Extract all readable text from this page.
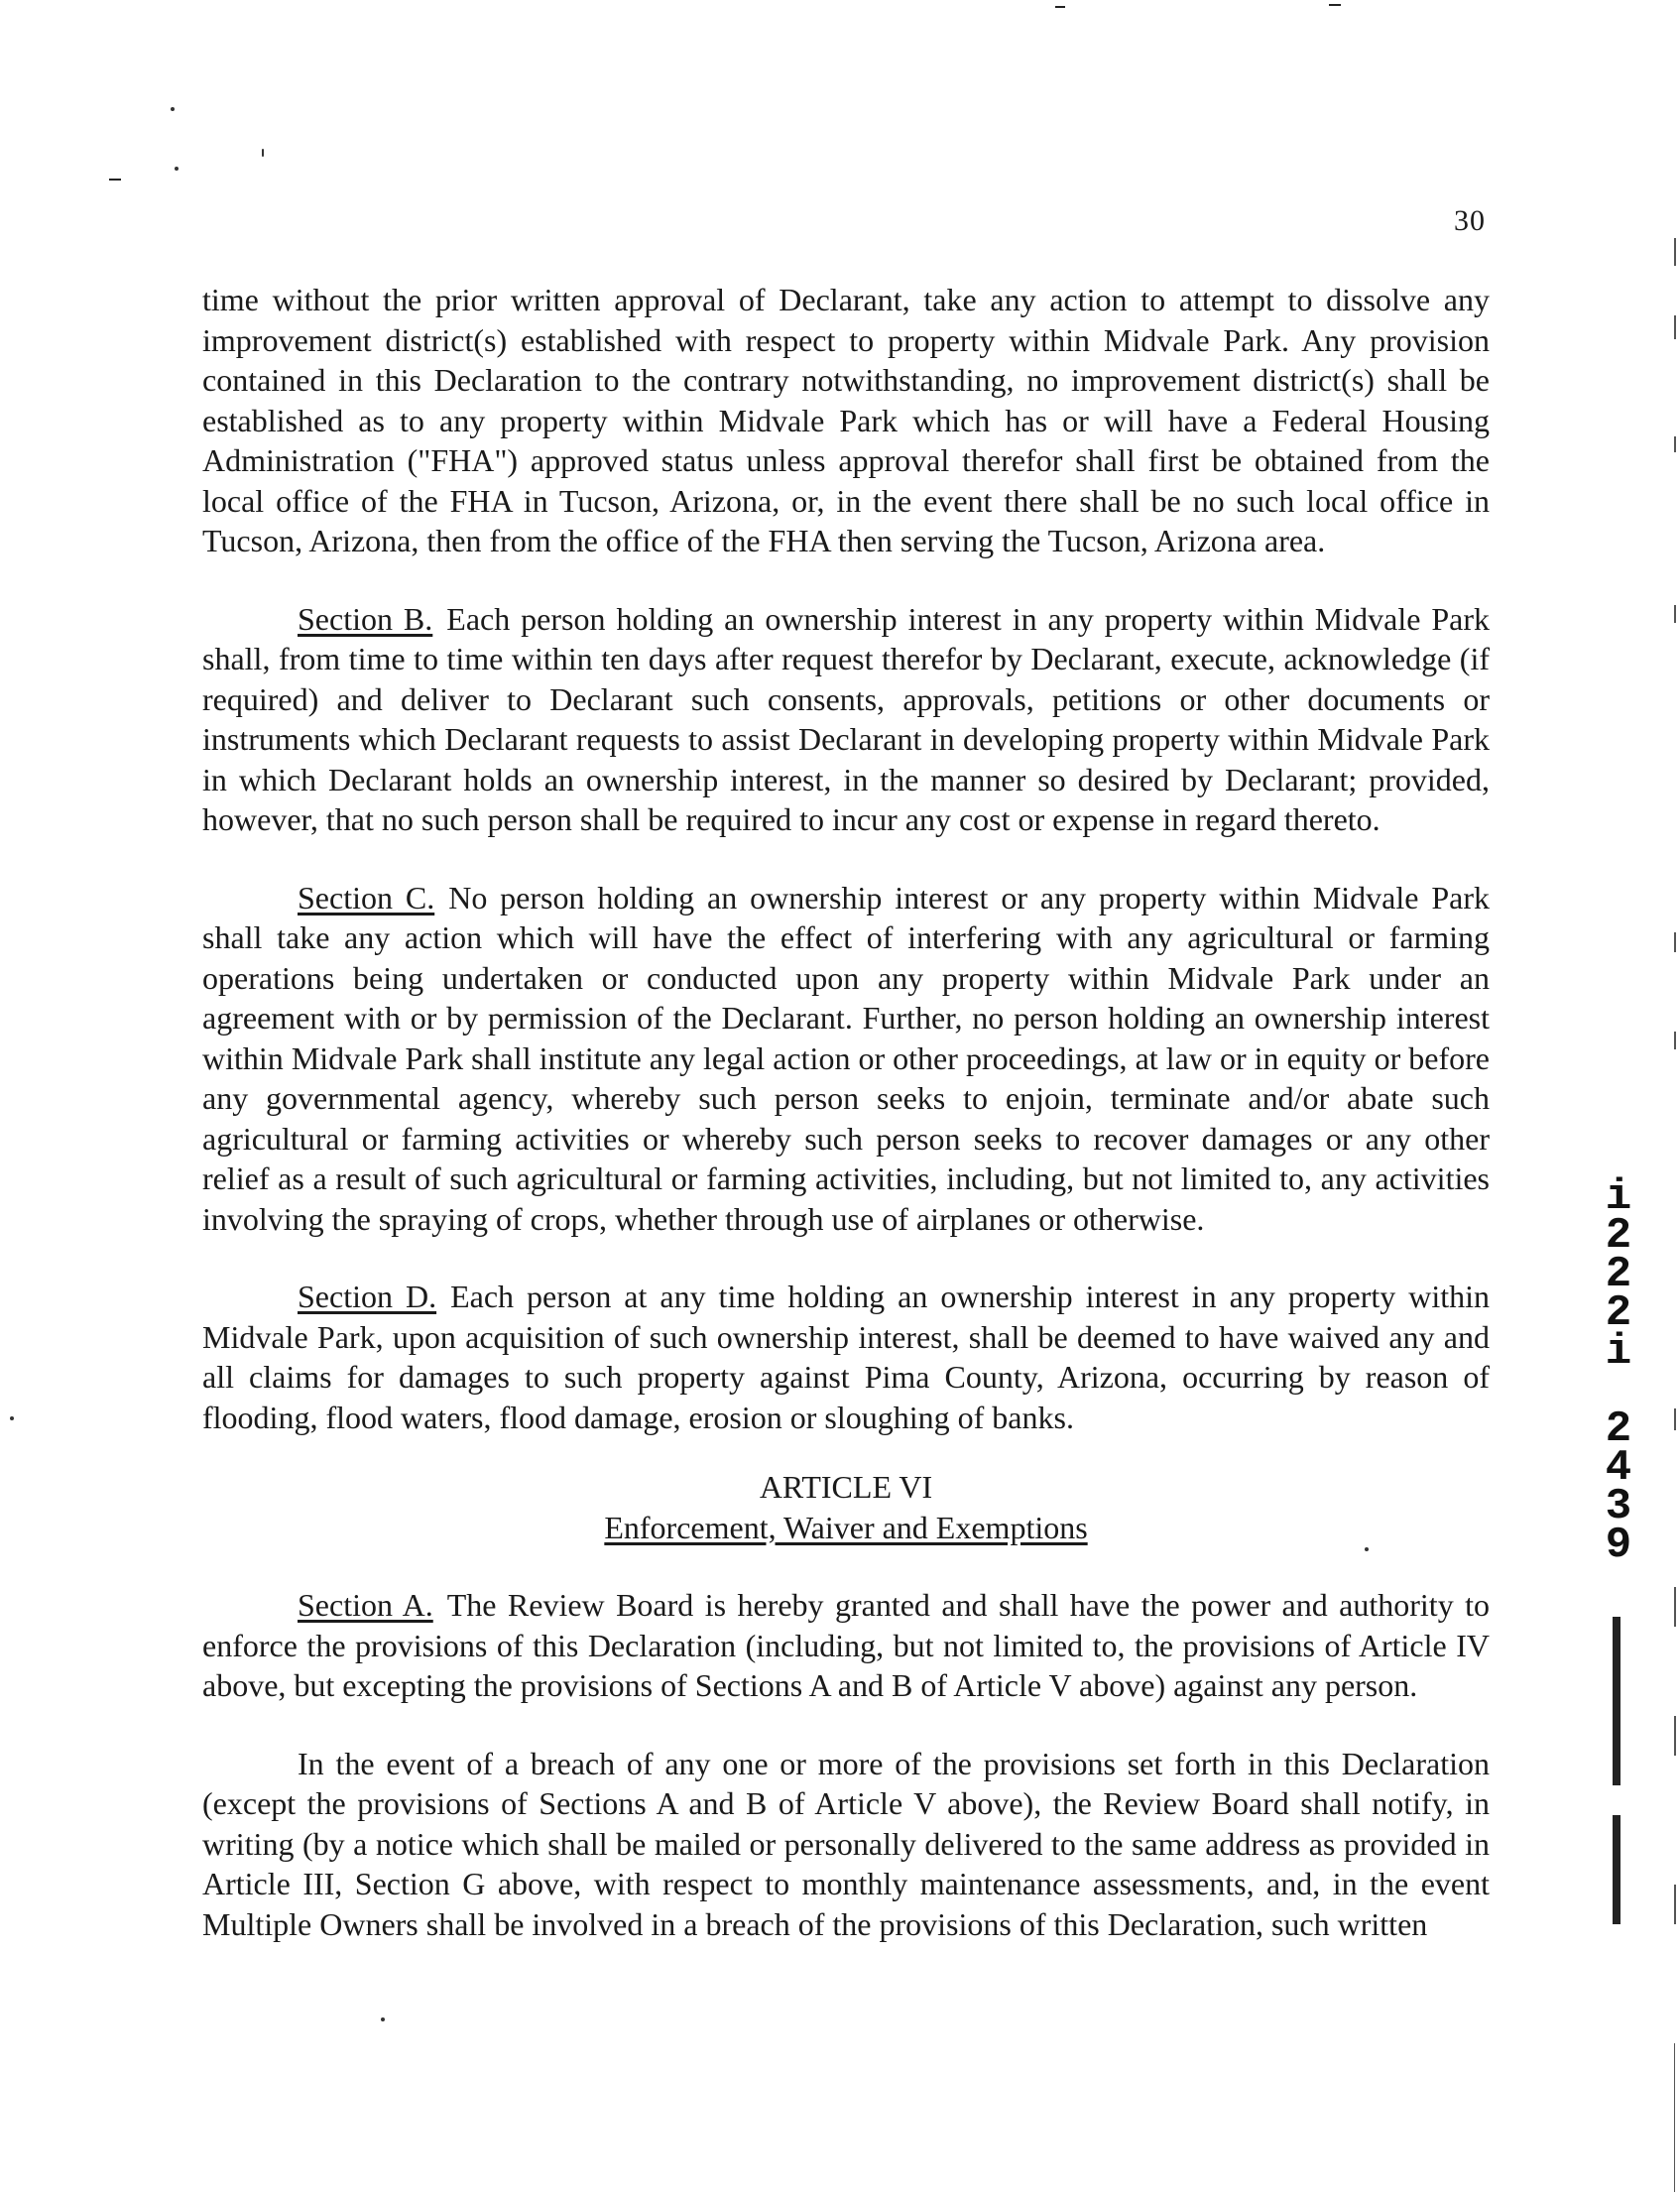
30

time without the prior written approval of Declarant, take any action to attempt to dissolve any improvement district(s) established with respect to property within Midvale Park. Any provision contained in this Declaration to the contrary notwithstanding, no improvement district(s) shall be established as to any property within Midvale Park which has or will have a Federal Housing Administration ("FHA") approved status unless approval therefor shall first be obtained from the local office of the FHA in Tucson, Arizona, or, in the event there shall be no such local office in Tucson, Arizona, then from the office of the FHA then serving the Tucson, Arizona area.

Section B. Each person holding an ownership interest in any property within Midvale Park shall, from time to time within ten days after request therefor by Declarant, execute, acknowledge (if required) and deliver to Declarant such consents, approvals, petitions or other documents or instruments which Declarant requests to assist Declarant in developing property within Midvale Park in which Declarant holds an ownership interest, in the manner so desired by Declarant; provided, however, that no such person shall be required to incur any cost or expense in regard thereto.

Section C. No person holding an ownership interest or any property within Midvale Park shall take any action which will have the effect of interfering with any agricultural or farming operations being undertaken or conducted upon any property within Midvale Park under an agreement with or by permission of the Declarant. Further, no person holding an ownership interest within Midvale Park shall institute any legal action or other proceedings, at law or in equity or before any governmental agency, whereby such person seeks to enjoin, terminate and/or abate such agricultural or farming activities or whereby such person seeks to recover damages or any other relief as a result of such agricultural or farming activities, including, but not limited to, any activities involving the spraying of crops, whether through use of airplanes or otherwise.

Section D. Each person at any time holding an ownership interest in any property within Midvale Park, upon acquisition of such ownership interest, shall be deemed to have waived any and all claims for damages to such property against Pima County, Arizona, occurring by reason of flooding, flood waters, flood damage, erosion or sloughing of banks.

ARTICLE VI
Enforcement, Waiver and Exemptions

Section A. The Review Board is hereby granted and shall have the power and authority to enforce the provisions of this Declaration (including, but not limited to, the provisions of Article IV above, but excepting the provisions of Sections A and B of Article V above) against any person.

In the event of a breach of any one or more of the provisions set forth in this Declaration (except the provisions of Sections A and B of Article V above), the Review Board shall notify, in writing (by a notice which shall be mailed or personally delivered to the same address as provided in Article III, Section G above, with respect to monthly maintenance assessments, and, in the event Multiple Owners shall be involved in a breach of the provisions of this Declaration, such written

i
2
2
2
i

2
4
3
9
